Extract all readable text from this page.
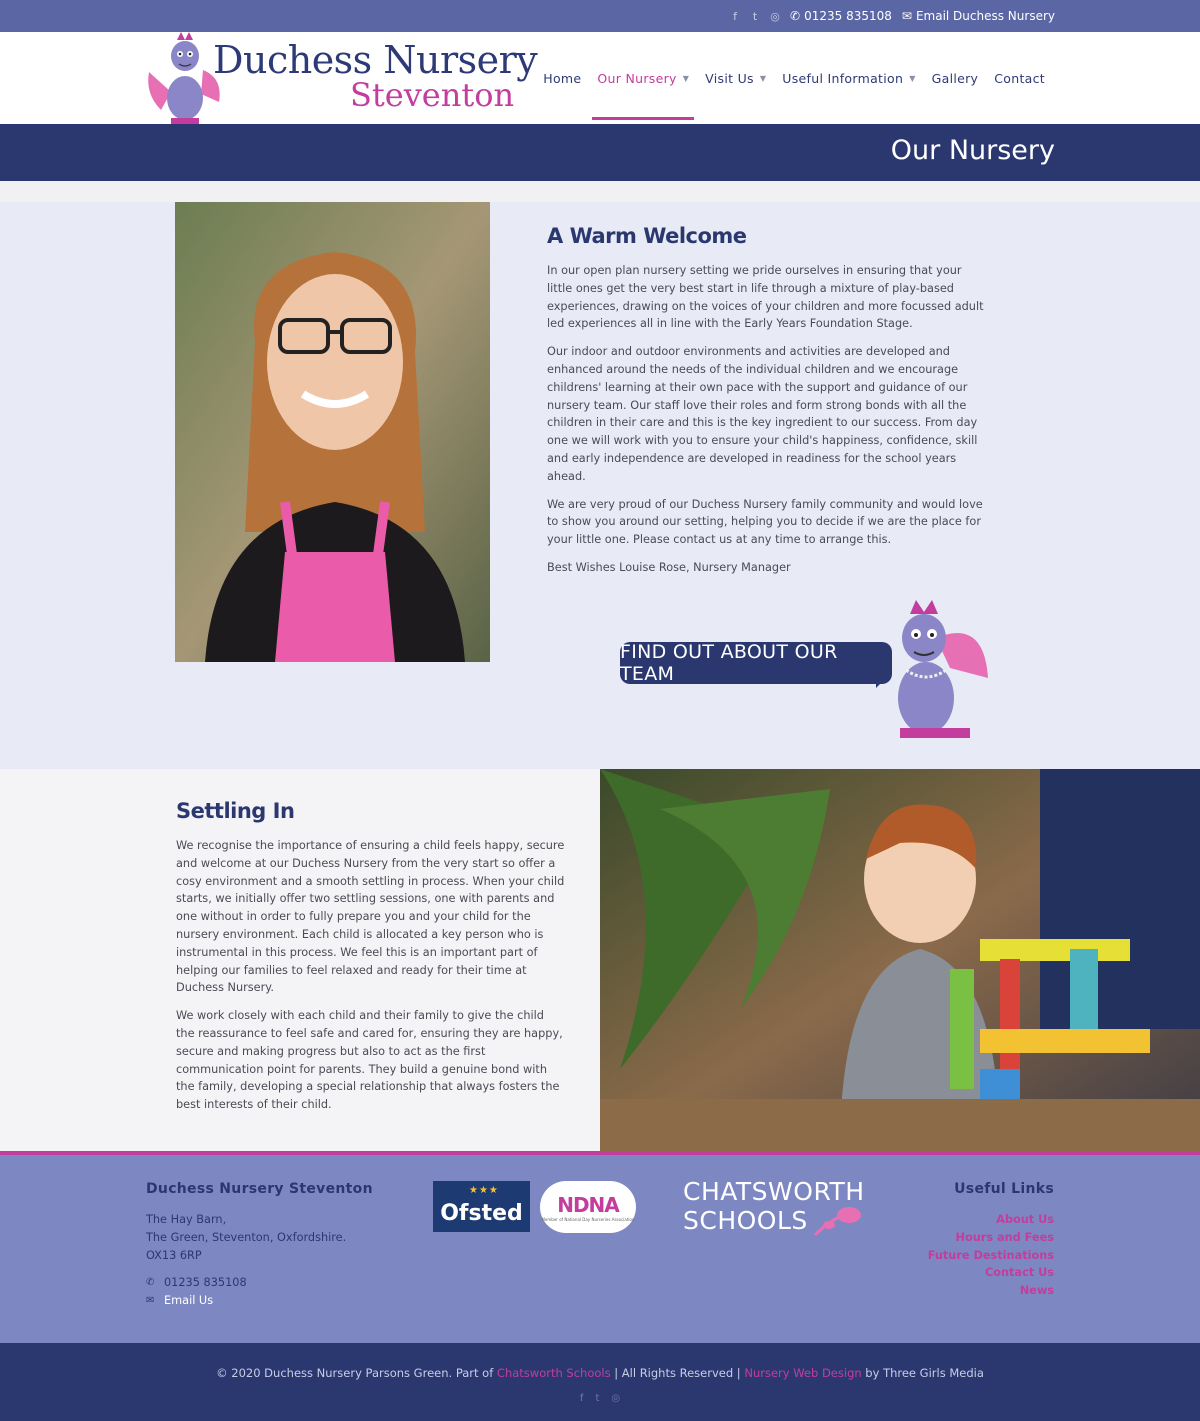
f t ◎ ✆ 01235 835108 ✉ Email Duchess Nursery
Duchess Nursery
Steventon Home Our Nursery ▼ Visit Us ▼ Useful Information ▼ Gallery Contact
Our Nursery
A Warm Welcome

In our open plan nursery setting we pride ourselves in ensuring that your little ones get the very best start in life through a mixture of play-based experiences, drawing on the voices of your children and more focussed adult led experiences all in line with the Early Years Foundation Stage.

Our indoor and outdoor environments and activities are developed and enhanced around the needs of the individual children and we encourage childrens' learning at their own pace with the support and guidance of our nursery team. Our staff love their roles and form strong bonds with all the children in their care and this is the key ingredient to our success. From day one we will work with you to ensure your child's happiness, confidence, skill and early independence are developed in readiness for the school years ahead.

We are very proud of our Duchess Nursery family community and would love to show you around our setting, helping you to decide if we are the place for your little one. Please contact us at any time to arrange this.

Best Wishes Louise Rose, Nursery Manager

FIND OUT ABOUT OUR TEAM
Settling In

We recognise the importance of ensuring a child feels happy, secure and welcome at our Duchess Nursery from the very start so offer a cosy environment and a smooth settling in process. When your child starts, we initially offer two settling sessions, one with parents and one without in order to fully prepare you and your child for the nursery environment. Each child is allocated a key person who is instrumental in this process. We feel this is an important part of helping our families to feel relaxed and ready for their time at Duchess Nursery.

We work closely with each child and their family to give the child the reassurance to feel safe and cared for, ensuring they are happy, secure and making progress but also to act as the first communication point for parents. They build a genuine bond with the family, developing a special relationship that always fosters the best interests of their child.

Duchess Nursery Steventon
The Hay Barn,
The Green, Steventon, Oxfordshire.
OX13 6RP
✆ 01235 835108
✉ Email Us
★★★
Ofsted NDNA
Member of National Day Nurseries Association
CHATSWORTH
SCHOOLS
Useful Links
About Us
Hours and Fees
Future Destinations
Contact Us
News
© 2020 Duchess Nursery Parsons Green. Part of Chatsworth Schools | All Rights Reserved | Nursery Web Design by Three Girls Media
f t ◎
